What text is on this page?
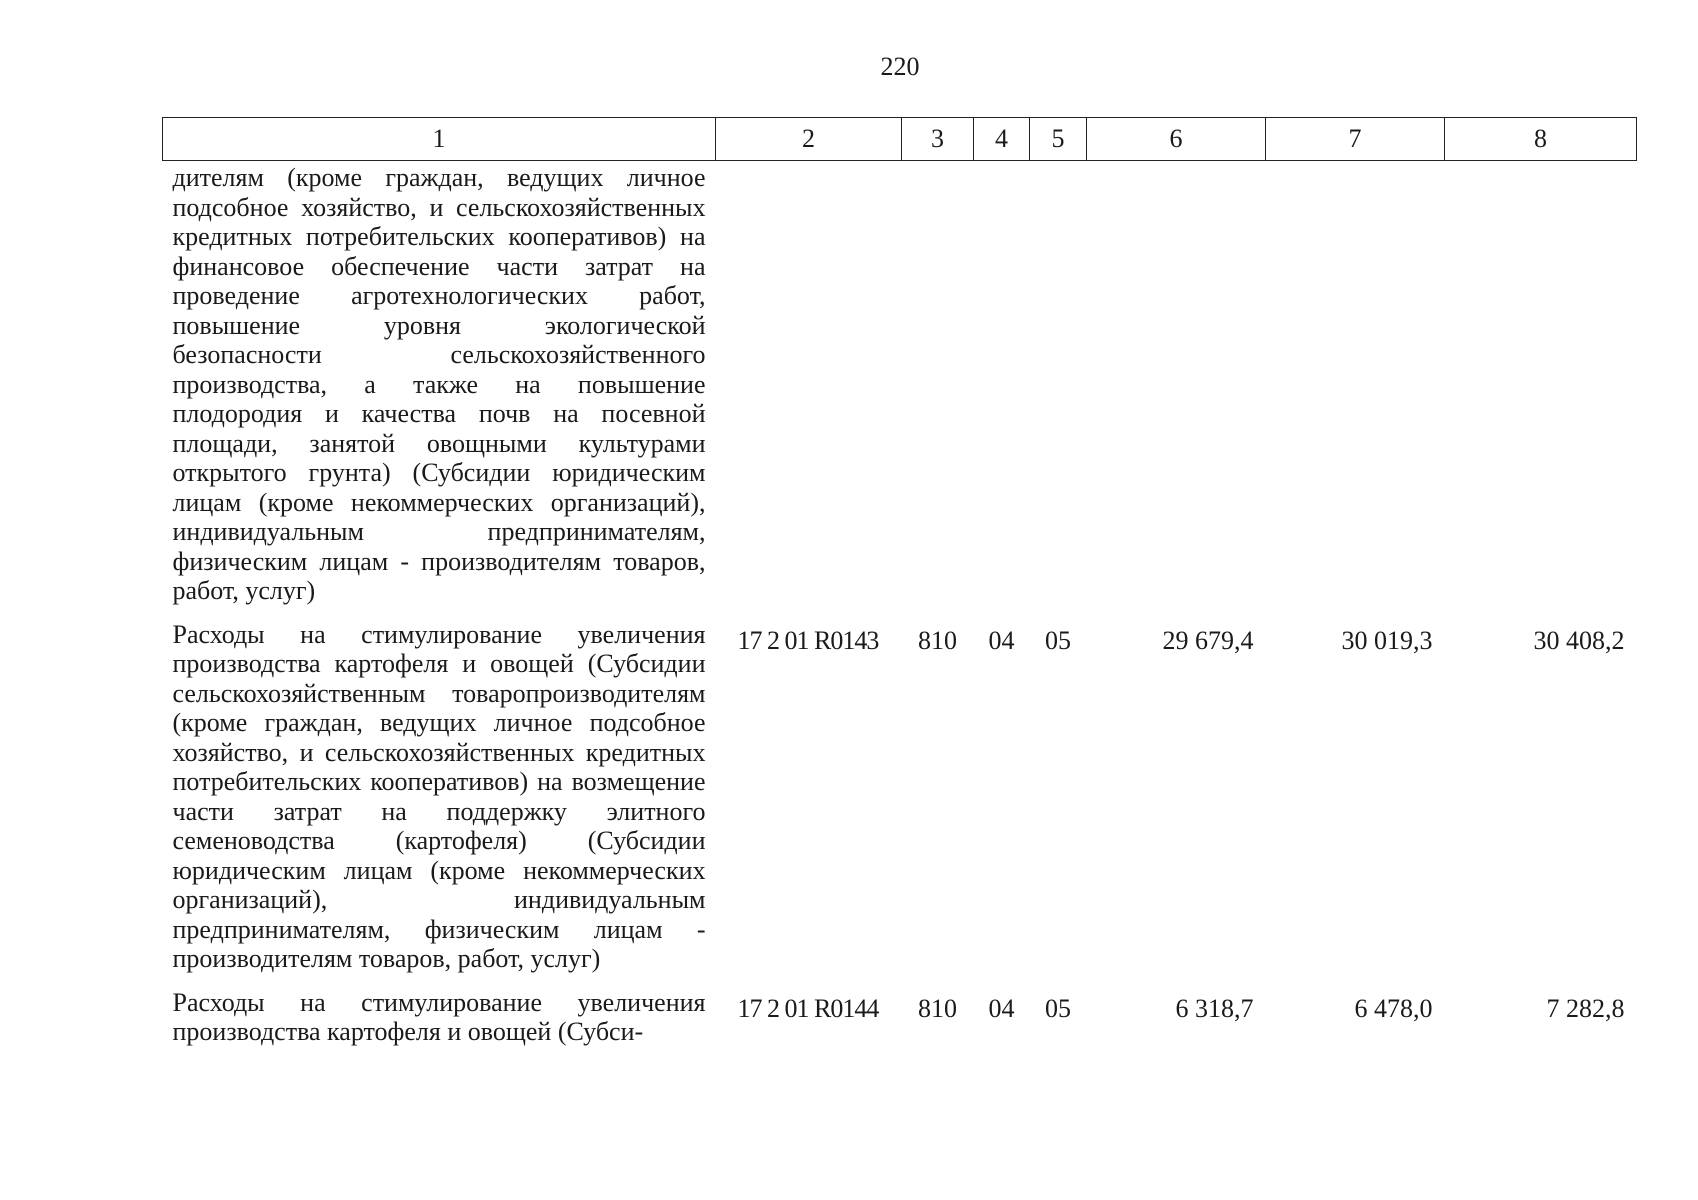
220
1	2	3	4	5	6	7	8
дителям (кроме граждан, ведущих личное подсобное хозяйство, и сельскохозяйственных кредитных потребительских кооперативов) на финансовое обеспечение части затрат на проведение агротехнологических работ, повышение уровня экологической безопасности сельскохозяйственного производства, а также на повышение плодородия и качества почв на посевной площади, занятой овощными культурами открытого грунта) (Субсидии юридическим лицам (кроме некоммерческих организаций), индивидуальным предпринимателям, физическим лицам - производителям товаров, работ, услуг)							
Расходы на стимулирование увеличения производства картофеля и овощей (Субсидии сельскохозяйственным товаропроизводителям (кроме граждан, ведущих личное подсобное хозяйство, и сельскохозяйственных кредитных потребительских кооперативов) на возмещение части затрат на поддержку элитного семеноводства (картофеля) (Субсидии юридическим лицам (кроме некоммерческих организаций), индивидуальным предпринимателям, физическим лицам - производителям товаров, работ, услуг)	17 2 01 R0143	810	04	05	29 679,4	30 019,3	30 408,2
Расходы на стимулирование увеличения производства картофеля и овощей (Субси-	17 2 01 R0144	810	04	05	6 318,7	6 478,0	7 282,8
